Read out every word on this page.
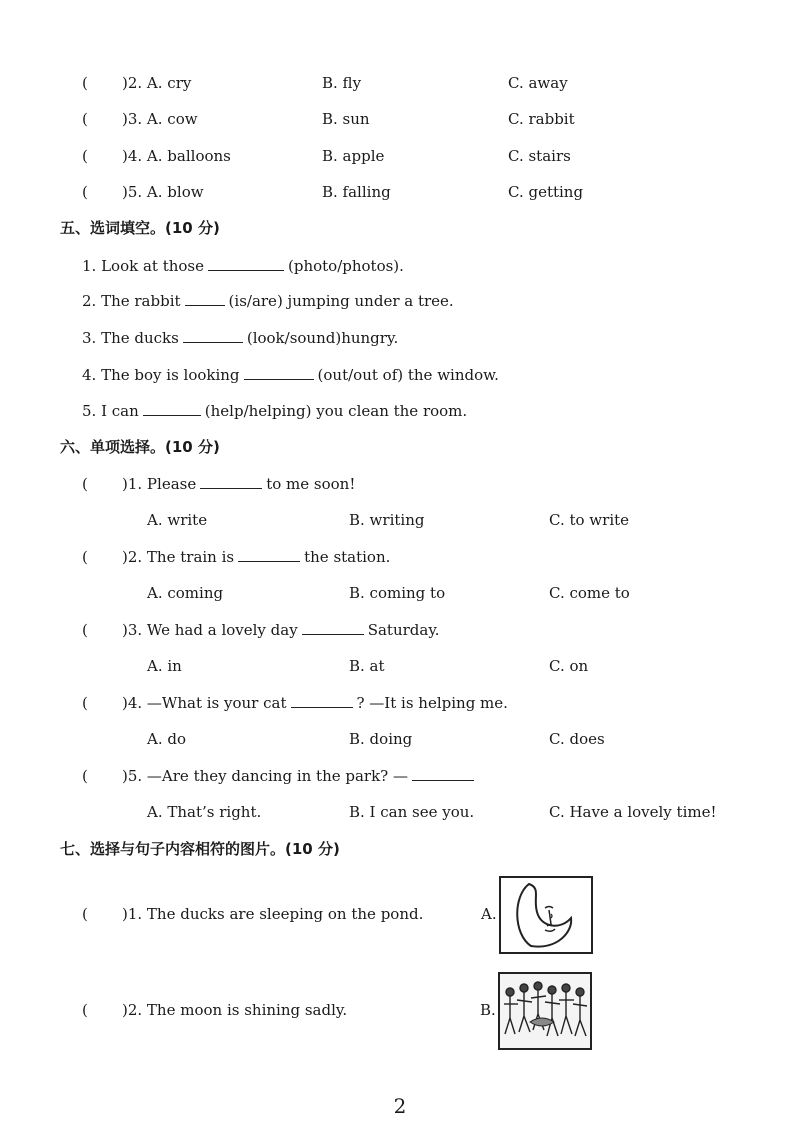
( )2. A. cry	B. fly	C. away
( )3. A. cow	B. sun	C. rabbit
( )4. A. balloons	B. apple	C. stairs
( )5. A. blow	B. falling	C. getting
五、选词填空。(10 分)
1. Look at those	(photo/photos).
2. The rabbit	(is/are) jumping under a tree.
3. The ducks	(look/sound)hungry.
4. The boy is looking	(out/out of) the window.
5. I can	(help/helping) you clean the room.
六、单项选择。(10 分)
( )1. Please	to me soon!
A. write	B. writing	C. to write
( )2. The train is	the station.
A. coming	B. coming to	C. come to
( )3. We had a lovely day	Saturday.
A. in	B. at	C. on
( )4. —What is your cat	? —It is helping me.
A. do	B. doing	C. does
( )5. —Are they dancing in the park? —
A. That’s right.	B. I can see you.	C. Have a lovely time!
七、选择与句子内容相符的图片。(10 分)
( )1. The ducks are sleeping on the pond.	A.
( )2. The moon is shining sadly.	B.
2
